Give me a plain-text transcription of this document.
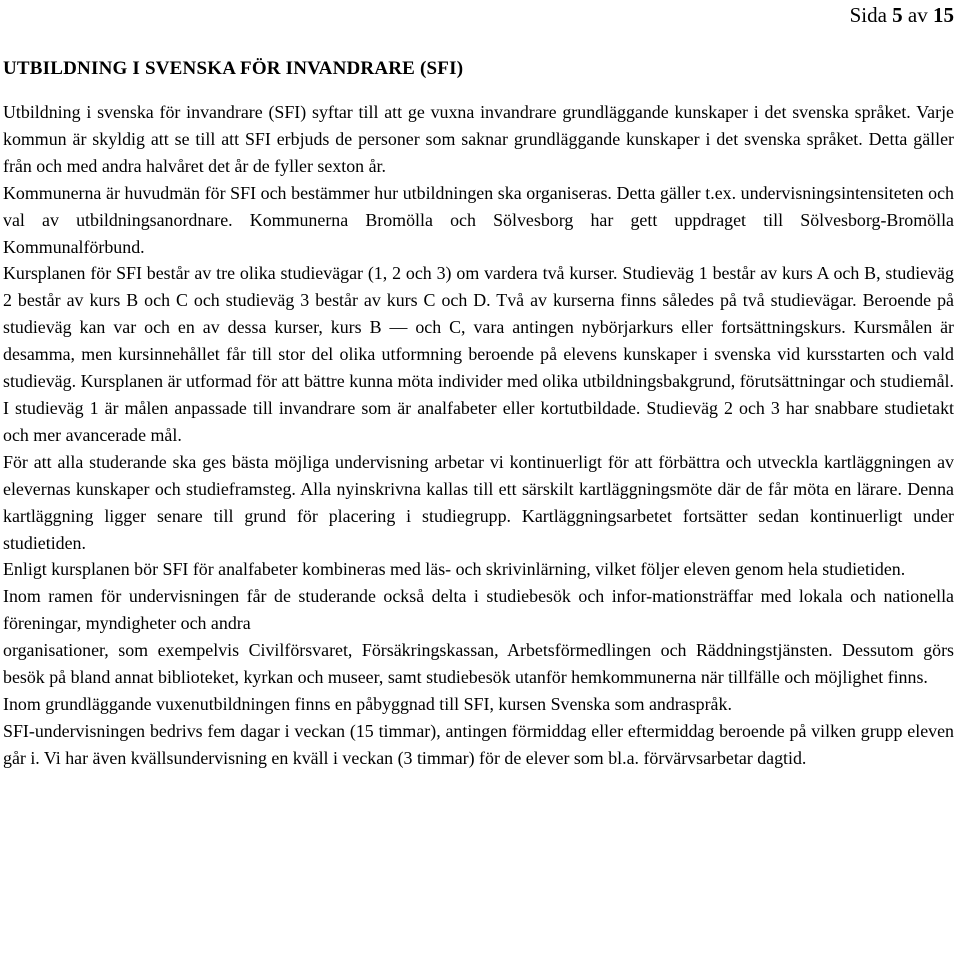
Sida 5 av 15
UTBILDNING I SVENSKA FÖR INVANDRARE (SFI)

Utbildning i svenska för invandrare (SFI) syftar till att ge vuxna invandrare grundläggande kunskaper i det svenska språket. Varje kommun är skyldig att se till att SFI erbjuds de personer som saknar grundläggande kunskaper i det svenska språket. Detta gäller från och med andra halvåret det år de fyller sexton år.

Kommunerna är huvudmän för SFI och bestämmer hur utbildningen ska organiseras. Detta gäller t.ex. undervisningsintensiteten och val av utbildningsanordnare. Kommunerna Bromölla och Sölvesborg har gett uppdraget till Sölvesborg-Bromölla Kommunalförbund.

Kursplanen för SFI består av tre olika studievägar (1, 2 och 3) om vardera två kurser. Studieväg 1 består av kurs A och B, studieväg 2 består av kurs B och C och studieväg 3 består av kurs C och D. Två av kurserna finns således på två studievägar. Beroende på studieväg kan var och en av dessa kurser, kurs B — och C, vara antingen nybörjarkurs eller fortsättningskurs. Kursmålen är desamma, men kursinnehållet får till stor del olika utformning beroende på elevens kunskaper i svenska vid kursstarten och vald studieväg. Kursplanen är utformad för att bättre kunna möta individer med olika utbildningsbakgrund, förutsättningar och studiemål. I studieväg 1 är målen anpassade till invandrare som är analfabeter eller kortutbildade. Studieväg 2 och 3 har snabbare studietakt och mer avancerade mål.

För att alla studerande ska ges bästa möjliga undervisning arbetar vi kontinuerligt för att förbättra och utveckla kartläggningen av elevernas kunskaper och studieframsteg. Alla nyinskrivna kallas till ett särskilt kartläggningsmöte där de får möta en lärare. Denna kartläggning ligger senare till grund för placering i studiegrupp. Kartläggningsarbetet fortsätter sedan kontinuerligt under studietiden.

Enligt kursplanen bör SFI för analfabeter kombineras med läs- och skrivinlärning, vilket följer eleven genom hela studietiden.

Inom ramen för undervisningen får de studerande också delta i studiebesök och infor-mationsträffar med lokala och nationella föreningar, myndigheter och andra

organisationer, som exempelvis Civilförsvaret, Försäkringskassan, Arbetsförmedlingen och Räddningstjänsten. Dessutom görs besök på bland annat biblioteket, kyrkan och museer, samt studiebesök utanför hemkommunerna när tillfälle och möjlighet finns.

Inom grundläggande vuxenutbildningen finns en påbyggnad till SFI, kursen Svenska som andraspråk.

SFI-undervisningen bedrivs fem dagar i veckan (15 timmar), antingen förmiddag eller eftermiddag beroende på vilken grupp eleven går i. Vi har även kvällsundervisning en kväll i veckan (3 timmar) för de elever som bl.a. förvärvsarbetar dagtid.
